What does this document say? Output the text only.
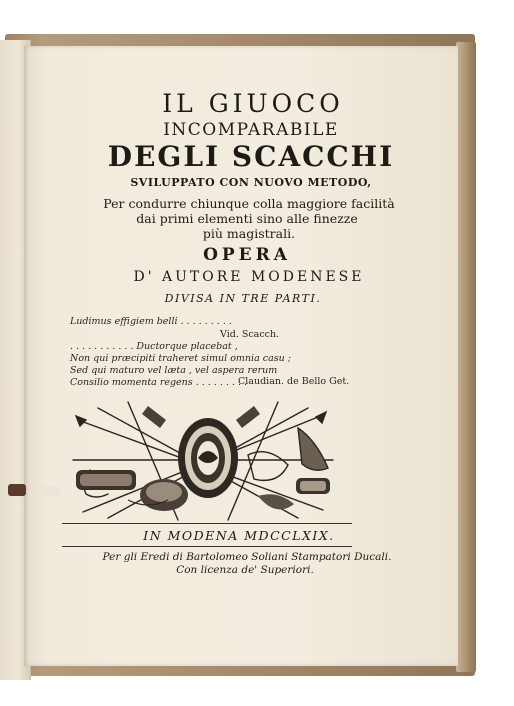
IL GIUOCO
INCOMPARABILE
DEGLI SCACCHI
SVILUPPATO CON NUOVO METODO,
Per condurre chiunque colla maggiore facilità
dai primi elementi sino alle finezze
più magistrali.
OPERA
D' AUTORE MODENESE
DIVISA IN TRE PARTI.
Ludimus effigiem belli . . . . . . . . .
Vid. Scacch.
. . . . . . . . . . . Ductorque placebat ,
Non qui præcipiti traheret simul omnia casu ;
Sed qui maturo vel læta , vel aspera rerum
Consilio momenta regens . . . . . . . . .
Claudian. de Bello Get.
IN MODENA MDCCLXIX.
Per gli Eredi di Bartolomeo Soliani Stampatori Ducali.
Con licenza de' Superiori.
